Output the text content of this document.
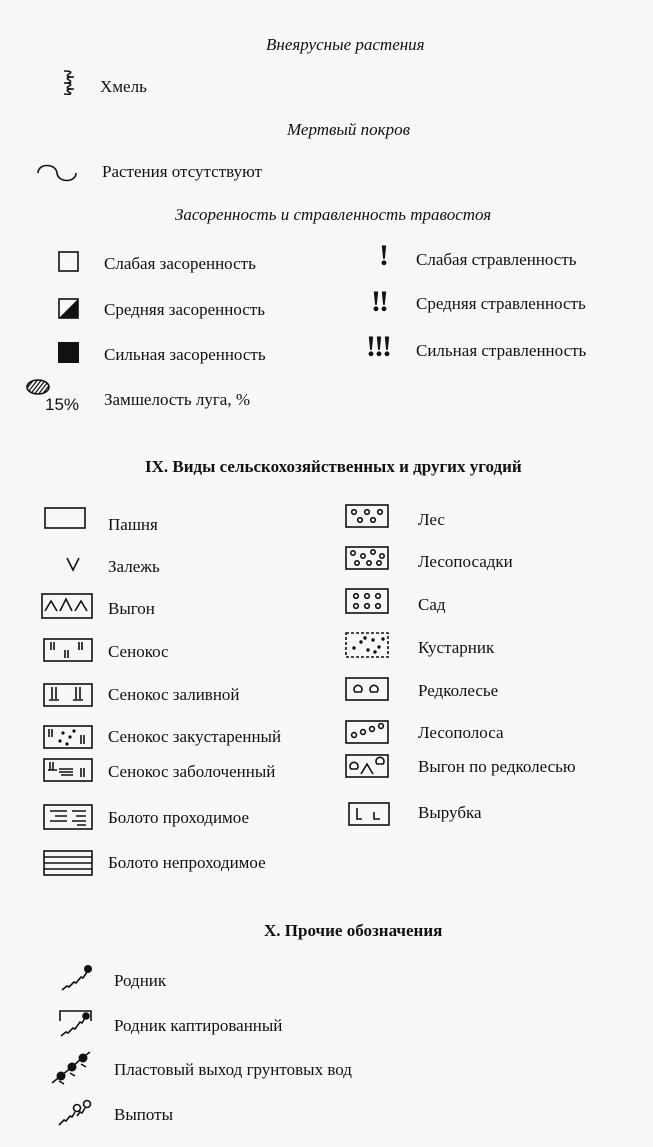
Внеярусные растения
Хмель
Мертвый покров
Растения отсутствуют
Засоренность и стравленность травостоя
Слабая засоренность
Средняя засоренность
Сильная засоренность
! Слабая стравленность
!! Средняя стравленность
!!! Сильная стравленность
15% Замшелость луга, %
IX. Виды сельскохозяйственных и других угодий
Пашня
Залежь
Выгон
Сенокос
Сенокос заливной
Сенокос закустаренный
Сенокос заболоченный
Болото проходимое
Болото непроходимое
Лес
Лесопосадки
Сад
Кустарник
Редколесье
Лесополоса
Выгон по редколесью
Вырубка
X. Прочие обозначения
Родник
Родник каптированный
Пластовый выход грунтовых вод
Выпоты
